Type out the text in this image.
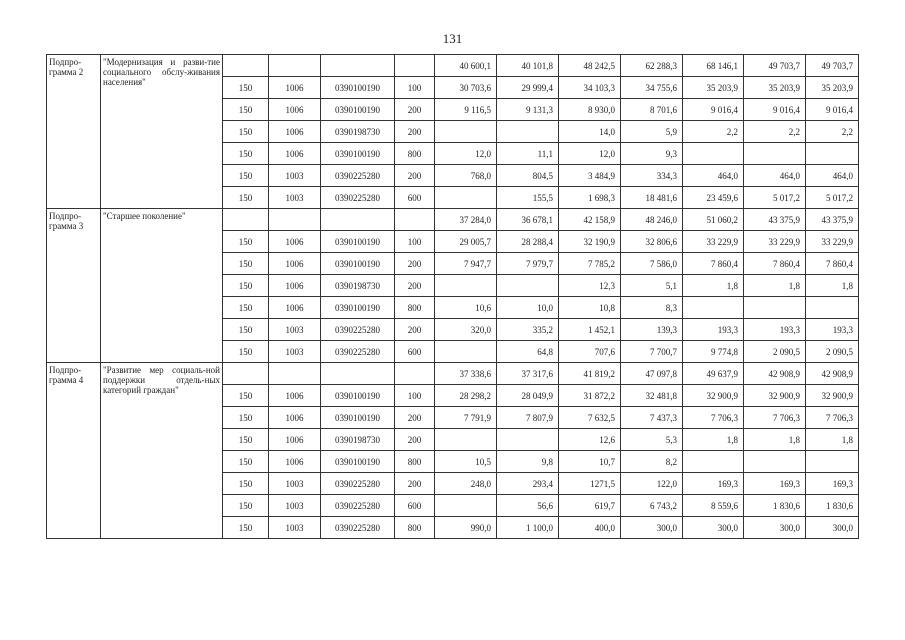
131
Подпро-грамма 2	"Модернизация и разви-тие социального обслу-живания населения"					40 600,1	40 101,8	48 242,5	62 288,3	68 146,1	49 703,7	49 703,7
		150	1006	0390100190	100	30 703,6	29 999,4	34 103,3	34 755,6	35 203,9	35 203,9	35 203,9
		150	1006	0390100190	200	9 116,5	9 131,3	8 930,0	8 701,6	9 016,4	9 016,4	9 016,4
		150	1006	0390198730	200			14,0	5,9	2,2	2,2	2,2
		150	1006	0390100190	800	12,0	11,1	12,0	9,3			
		150	1003	0390225280	200	768,0	804,5	3 484,9	334,3	464,0	464,0	464,0
		150	1003	0390225280	600		155,5	1 698,3	18 481,6	23 459,6	5 017,2	5 017,2
Подпро-грамма 3	"Старшее поколение"					37 284,0	36 678,1	42 158,9	48 246,0	51 060,2	43 375,9	43 375,9
		150	1006	0390100190	100	29 005,7	28 288,4	32 190,9	32 806,6	33 229,9	33 229,9	33 229,9
		150	1006	0390100190	200	7 947,7	7 979,7	7 785,2	7 586,0	7 860,4	7 860,4	7 860,4
		150	1006	0390198730	200			12,3	5,1	1,8	1,8	1,8
		150	1006	0390100190	800	10,6	10,0	10,8	8,3			
		150	1003	0390225280	200	320,0	335,2	1 452,1	139,3	193,3	193,3	193,3
		150	1003	0390225280	600		64,8	707,6	7 700,7	9 774,8	2 090,5	2 090,5
Подпро-грамма 4	"Развитие мер социаль-ной поддержки отдель-ных категорий граждан"					37 338,6	37 317,6	41 819,2	47 097,8	49 637,9	42 908,9	42 908,9
		150	1006	0390100190	100	28 298,2	28 049,9	31 872,2	32 481,8	32 900,9	32 900,9	32 900,9
		150	1006	0390100190	200	7 791,9	7 807,9	7 632,5	7 437,3	7 706,3	7 706,3	7 706,3
		150	1006	0390198730	200			12,6	5,3	1,8	1,8	1,8
		150	1006	0390100190	800	10,5	9,8	10,7	8,2			
		150	1003	0390225280	200	248,0	293,4	1271,5	122,0	169,3	169,3	169,3
		150	1003	0390225280	600		56,6	619,7	6 743,2	8 559,6	1 830,6	1 830,6
		150	1003	0390225280	800	990,0	1 100,0	400,0	300,0	300,0	300,0	300,0
